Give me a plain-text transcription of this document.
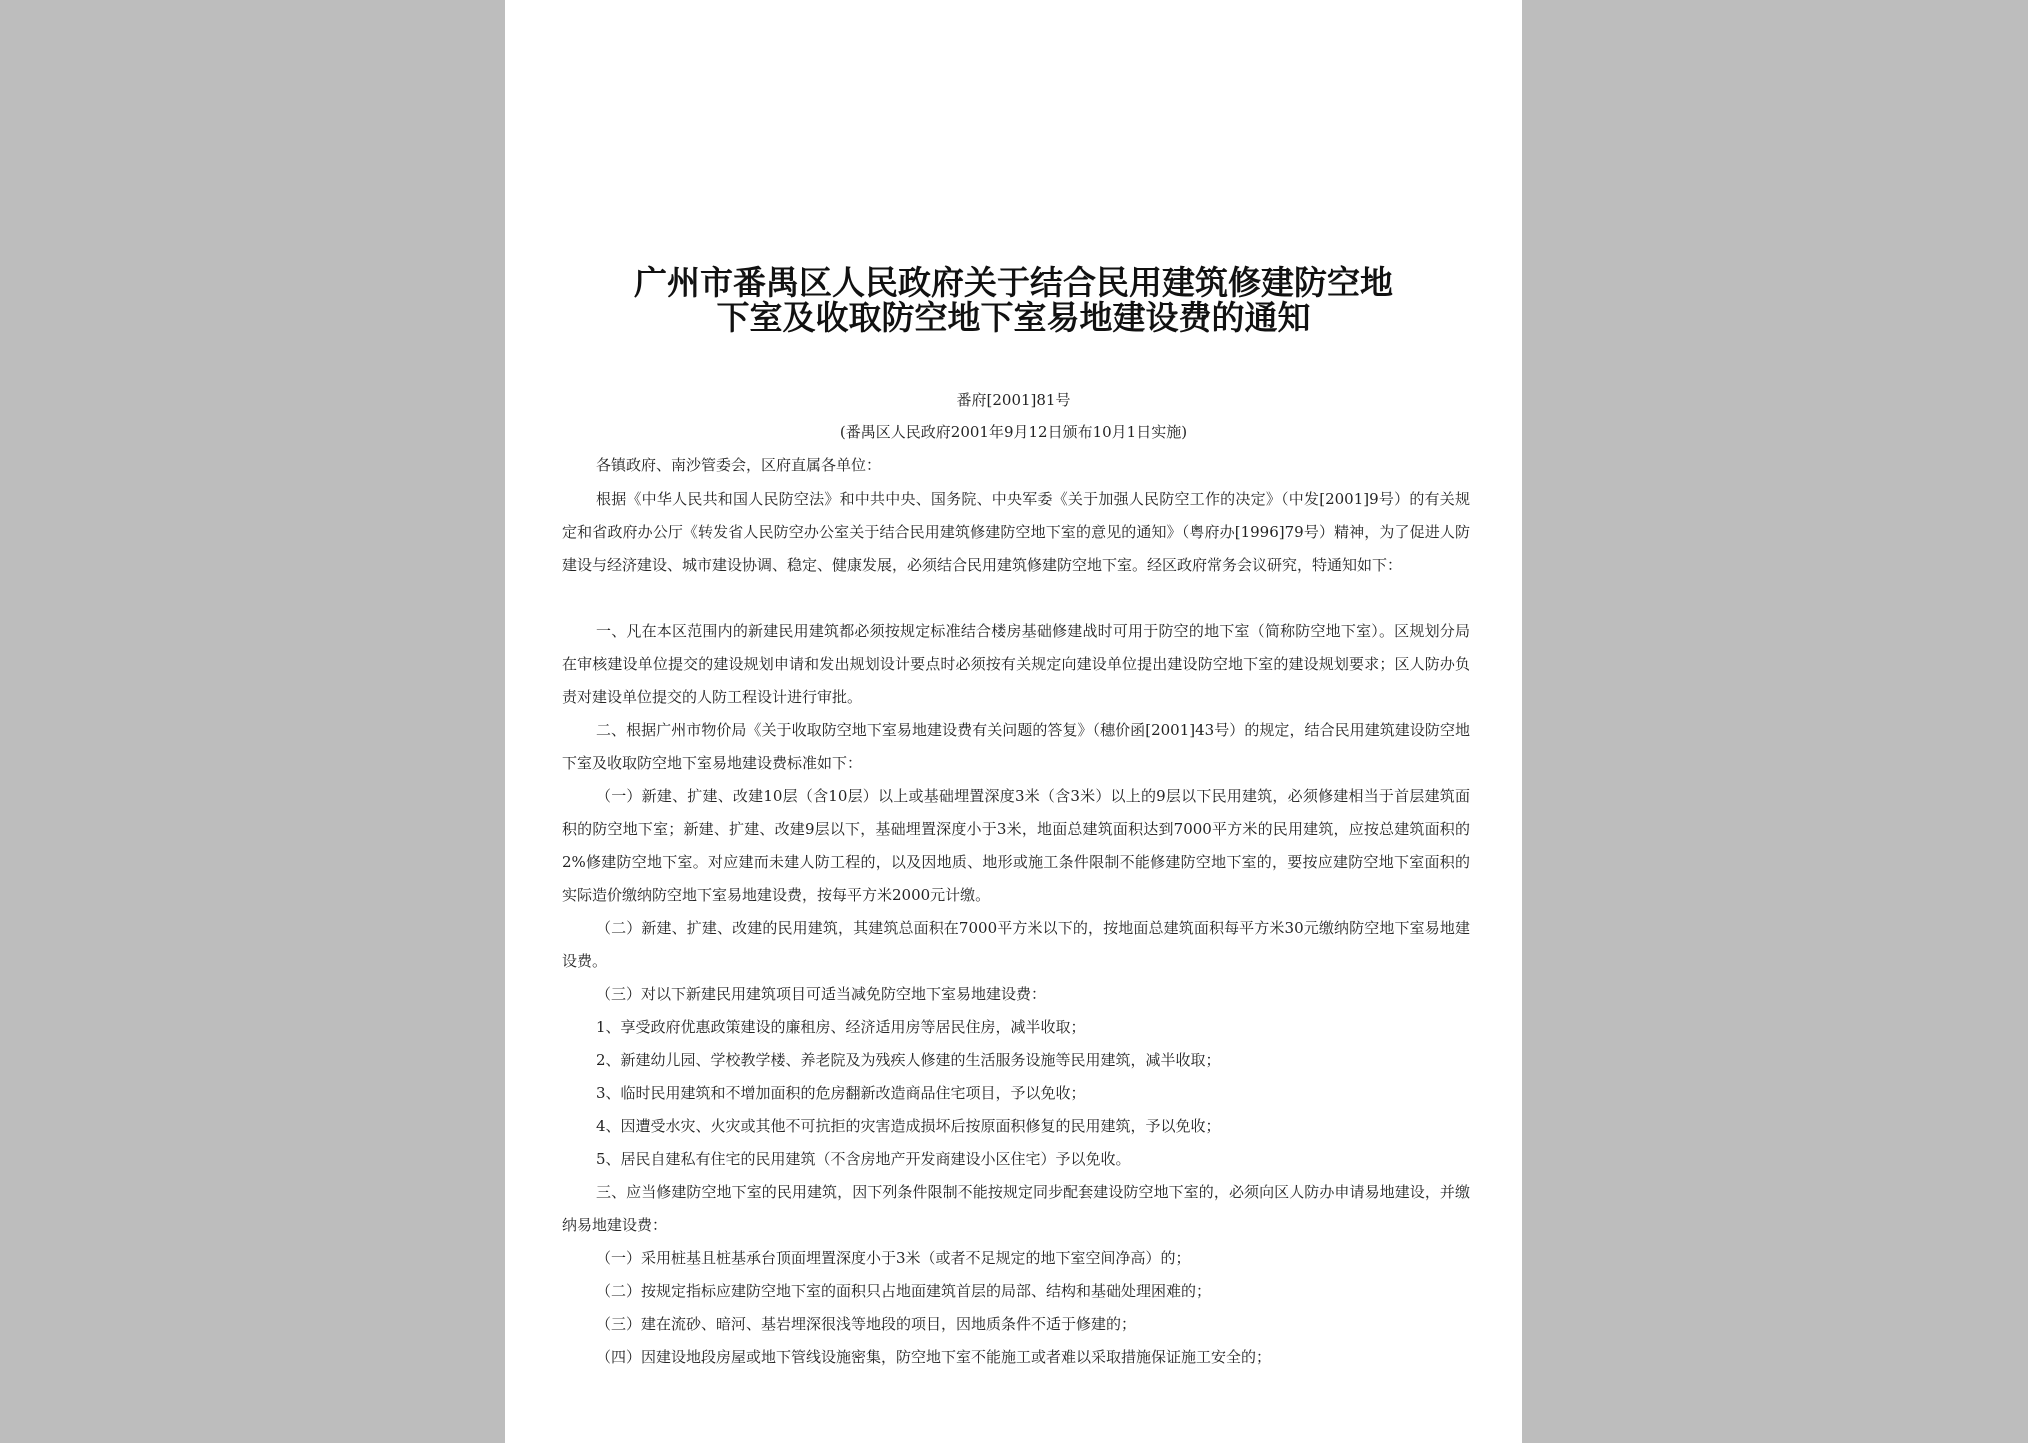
广州市番禺区人民政府关于结合民用建筑修建防空地
下室及收取防空地下室易地建设费的通知
番府[2001]81号
(番禺区人民政府2001年9月12日颁布10月1日实施)
各镇政府、南沙管委会，区府直属各单位：

根据《中华人民共和国人民防空法》和中共中央、国务院、中央军委《关于加强人民防空工作的决定》（中发[2001]9号）的有关规定和省政府办公厅《转发省人民防空办公室关于结合民用建筑修建防空地下室的意见的通知》（粤府办[1996]79号）精神，为了促进人防建设与经济建设、城市建设协调、稳定、健康发展，必须结合民用建筑修建防空地下室。经区政府常务会议研究，特通知如下：

一、凡在本区范围内的新建民用建筑都必须按规定标准结合楼房基础修建战时可用于防空的地下室（简称防空地下室）。区规划分局在审核建设单位提交的建设规划申请和发出规划设计要点时必须按有关规定向建设单位提出建设防空地下室的建设规划要求；区人防办负责对建设单位提交的人防工程设计进行审批。

二、根据广州市物价局《关于收取防空地下室易地建设费有关问题的答复》（穗价函[2001]43号）的规定，结合民用建筑建设防空地下室及收取防空地下室易地建设费标准如下：

（一）新建、扩建、改建10层（含10层）以上或基础埋置深度3米（含3米）以上的9层以下民用建筑，必须修建相当于首层建筑面积的防空地下室；新建、扩建、改建9层以下，基础埋置深度小于3米，地面总建筑面积达到7000平方米的民用建筑，应按总建筑面积的2%修建防空地下室。对应建而未建人防工程的，以及因地质、地形或施工条件限制不能修建防空地下室的，要按应建防空地下室面积的实际造价缴纳防空地下室易地建设费，按每平方米2000元计缴。

（二）新建、扩建、改建的民用建筑，其建筑总面积在7000平方米以下的，按地面总建筑面积每平方米30元缴纳防空地下室易地建设费。

（三）对以下新建民用建筑项目可适当减免防空地下室易地建设费：

1、享受政府优惠政策建设的廉租房、经济适用房等居民住房，减半收取；

2、新建幼儿园、学校教学楼、养老院及为残疾人修建的生活服务设施等民用建筑，减半收取；

3、临时民用建筑和不增加面积的危房翻新改造商品住宅项目，予以免收；

4、因遭受水灾、火灾或其他不可抗拒的灾害造成损坏后按原面积修复的民用建筑，予以免收；

5、居民自建私有住宅的民用建筑（不含房地产开发商建设小区住宅）予以免收。

三、应当修建防空地下室的民用建筑，因下列条件限制不能按规定同步配套建设防空地下室的，必须向区人防办申请易地建设，并缴纳易地建设费：

（一）采用桩基且桩基承台顶面埋置深度小于3米（或者不足规定的地下室空间净高）的；

（二）按规定指标应建防空地下室的面积只占地面建筑首层的局部、结构和基础处理困难的；

（三）建在流砂、暗河、基岩埋深很浅等地段的项目，因地质条件不适于修建的；

（四）因建设地段房屋或地下管线设施密集，防空地下室不能施工或者难以采取措施保证施工安全的；
